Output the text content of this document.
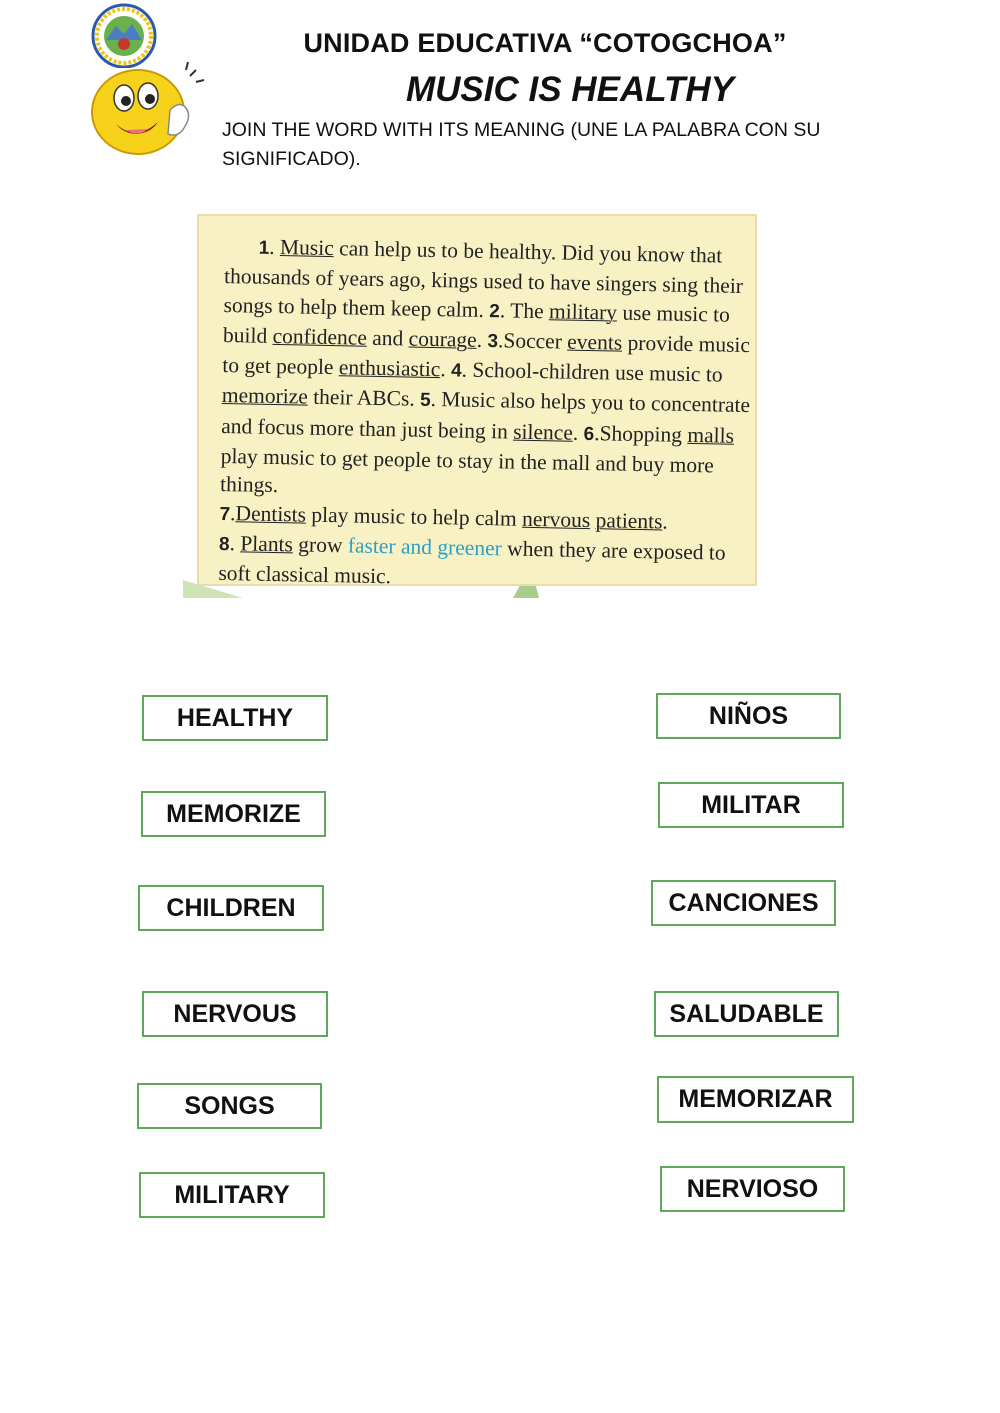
UNIDAD EDUCATIVA “COTOGCHOA”
MUSIC IS HEALTHY
JOIN THE WORD WITH ITS MEANING (UNE LA PALABRA CON SU SIGNIFICADO).
1. Music can help us to be healthy. Did you know that thousands of years ago, kings used to have singers sing their songs to help them keep calm. 2. The military use music to build confidence and courage. 3.Soccer events provide music to get people enthusiastic. 4. School-children use music to memorize their ABCs. 5. Music also helps you to concentrate and focus more than just being in silence. 6.Shopping malls play music to get people to stay in the mall and buy more things.
7.Dentists play music to help calm nervous patients.
8. Plants grow faster and greener when they are exposed to soft classical music.
HEALTHY
MEMORIZE
CHILDREN
NERVOUS
SONGS
MILITARY
NIÑOS
MILITAR
CANCIONES
SALUDABLE
MEMORIZAR
NERVIOSO
